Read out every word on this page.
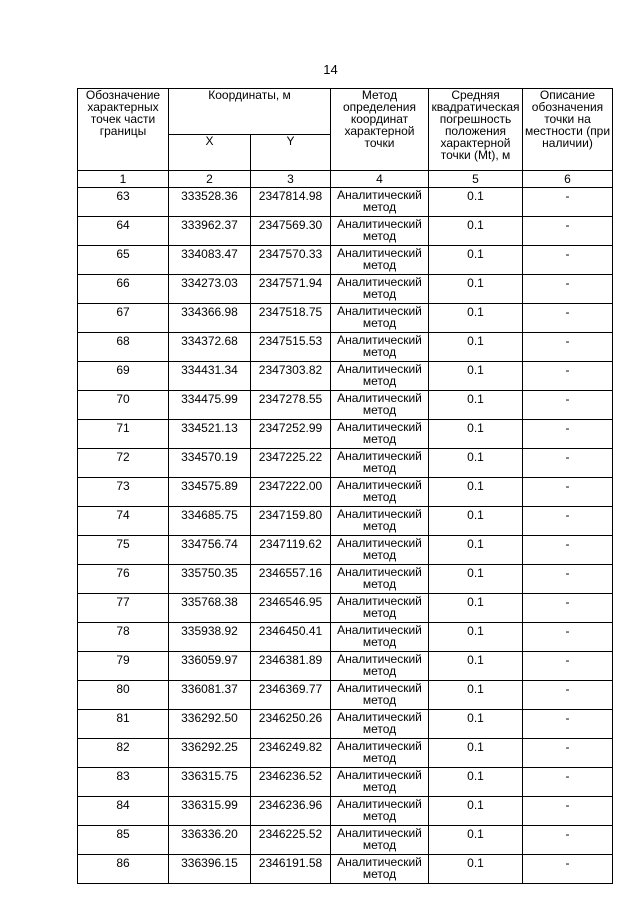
14
Обозначение характерных точек части границы	Координаты, м		Метод определения координат характерной точки	Средняя квадратическая погрешность положения характерной точки (Mt), м	Описание обозначения точки на местности (при наличии)
	X	Y			
1	2	3	4	5	6
63	333528.36	2347814.98	Аналитический метод	0.1	-
64	333962.37	2347569.30	Аналитический метод	0.1	-
65	334083.47	2347570.33	Аналитический метод	0.1	-
66	334273.03	2347571.94	Аналитический метод	0.1	-
67	334366.98	2347518.75	Аналитический метод	0.1	-
68	334372.68	2347515.53	Аналитический метод	0.1	-
69	334431.34	2347303.82	Аналитический метод	0.1	-
70	334475.99	2347278.55	Аналитический метод	0.1	-
71	334521.13	2347252.99	Аналитический метод	0.1	-
72	334570.19	2347225.22	Аналитический метод	0.1	-
73	334575.89	2347222.00	Аналитический метод	0.1	-
74	334685.75	2347159.80	Аналитический метод	0.1	-
75	334756.74	2347119.62	Аналитический метод	0.1	-
76	335750.35	2346557.16	Аналитический метод	0.1	-
77	335768.38	2346546.95	Аналитический метод	0.1	-
78	335938.92	2346450.41	Аналитический метод	0.1	-
79	336059.97	2346381.89	Аналитический метод	0.1	-
80	336081.37	2346369.77	Аналитический метод	0.1	-
81	336292.50	2346250.26	Аналитический метод	0.1	-
82	336292.25	2346249.82	Аналитический метод	0.1	-
83	336315.75	2346236.52	Аналитический метод	0.1	-
84	336315.99	2346236.96	Аналитический метод	0.1	-
85	336336.20	2346225.52	Аналитический метод	0.1	-
86	336396.15	2346191.58	Аналитический метод	0.1	-
